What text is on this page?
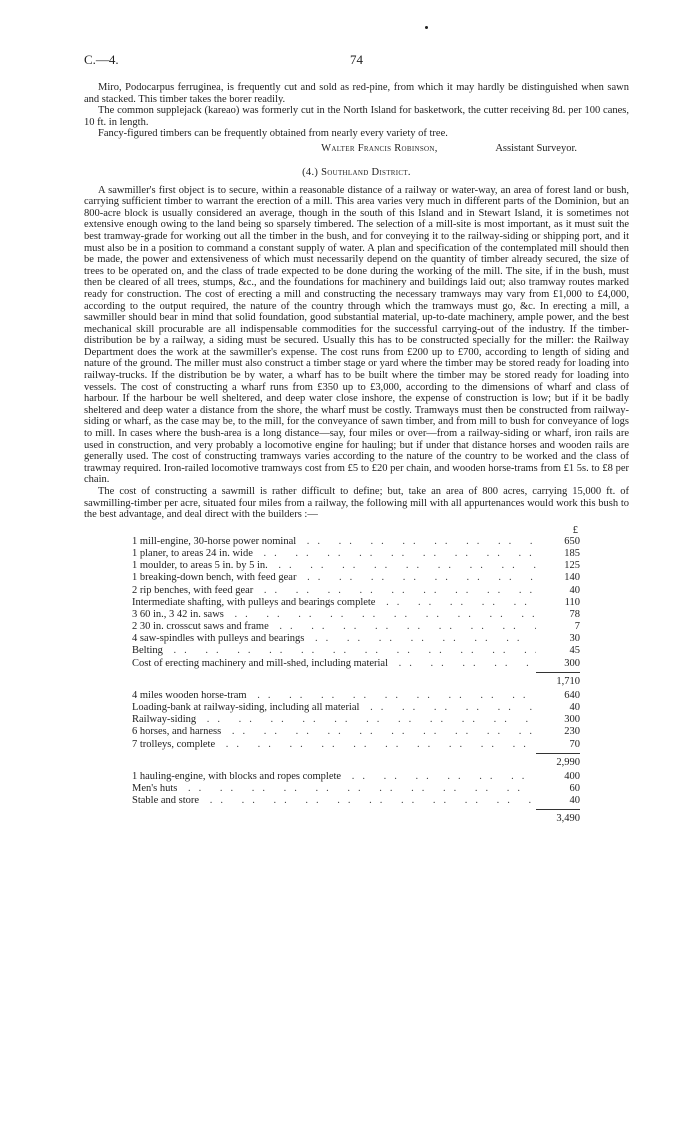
C.—4.	74

Miro, Podocarpus ferruginea, is frequently cut and sold as red-pine, from which it may hardly be distinguished when sawn and stacked. This timber takes the borer readily.

The common supplejack (kareao) was formerly cut in the North Island for basketwork, the cutter receiving 8d. per 100 canes, 10 ft. in length.

Fancy-figured timbers can be frequently obtained from nearly every variety of tree.

Walter Francis Robinson,	Assistant Surveyor.
(4.) Southland District.

A sawmiller's first object is to secure, within a reasonable distance of a railway or water-way, an area of forest land or bush, carrying sufficient timber to warrant the erection of a mill. This area varies very much in different parts of the Dominion, but an 800-acre block is usually considered an average, though in the south of this Island and in Stewart Island, it is sometimes not extensive enough owing to the land being so sparsely timbered. The selection of a mill-site is most important, as it must suit the best tramway-grade for working out all the timber in the bush, and for conveying it to the railway-siding or shipping port, and it must also be in a position to command a constant supply of water. A plan and specification of the contemplated mill should then be made, the power and extensiveness of which must necessarily depend on the quantity of timber already secured, the size of trees to be operated on, and the class of trade expected to be done during the working of the mill. The site, if in the bush, must then be cleared of all trees, stumps, &c., and the foundations for machinery and buildings laid out; also tramway routes marked ready for construction. The cost of erecting a mill and constructing the necessary tramways may vary from £1,000 to £4,000, according to the output required, the nature of the country through which the tramways must go, &c. In erecting a mill, a sawmiller should bear in mind that solid foundation, good substantial material, up-to-date machinery, ample power, and the best mechanical skill procurable are all indispensable commodities for the successful carrying-out of the industry. If the timber-distribution be by a railway, a siding must be secured. Usually this has to be constructed specially for the miller: the Railway Department does the work at the sawmiller's expense. The cost runs from £200 up to £700, according to length of siding and nature of the ground. The miller must also construct a timber stage or yard where the timber may be stored ready for loading into railway-trucks. If the distribution be by water, a wharf has to be built where the timber may be stored ready for loading into vessels. The cost of constructing a wharf runs from £350 up to £3,000, according to the dimensions of wharf and class of harbour. If the harbour be well sheltered, and deep water close inshore, the expense of construction is low; but if it be badly sheltered and deep water a distance from the shore, the wharf must be costly. Tramways must then be constructed from railway-siding or wharf, as the case may be, to the mill, for the conveyance of sawn timber, and from mill to bush for conveyance of logs to mill. In cases where the bush-area is a long distance—say, four miles or over—from a railway-siding or wharf, iron rails are used in construction, and very probably a locomotive engine for hauling; but if under that distance horses and wooden rails are generally used. The cost of constructing tramways varies according to the nature of the country to be worked and the class of trawmay required. Iron-railed locomotive tramways cost from £5 to £20 per chain, and wooden horse-trams from £1 5s. to £8 per chain.

The cost of constructing a sawmill is rather difficult to define; but, take an area of 800 acres, carrying 15,000 ft. of sawmilling-timber per acre, situated four miles from a railway, the following mill with all appurtenances would work this bush to the best advantage, and deal direct with the builders :—

£
1 mill-engine, 30-horse power nominal .. ..	650
1 planer, to areas 24 in. wide .. ..	185
1 moulder, to areas 5 in. by 5 in. .. ..	125
1 breaking-down bench, with feed gear .. ..	140
2 rip benches, with feed gear .. ..	40
Intermediate shafting, with pulleys and bearings complete .. ..	110
3 60 in., 3 42 in. saws .. ..	78
2 30 in. crosscut saws and frame .. ..	7
4 saw-spindles with pulleys and bearings .. ..	30
Belting .. ..	45
Cost of erecting machinery and mill-shed, including material .. ..	300
1,710
4 miles wooden horse-tram .. ..	640
Loading-bank at railway-siding, including all material .. ..	40
Railway-siding .. ..	300
6 horses, and harness .. ..	230
7 trolleys, complete .. ..	70
2,990
1 hauling-engine, with blocks and ropes complete .. ..	400
Men's huts .. ..	60
Stable and store .. ..	40
3,490
